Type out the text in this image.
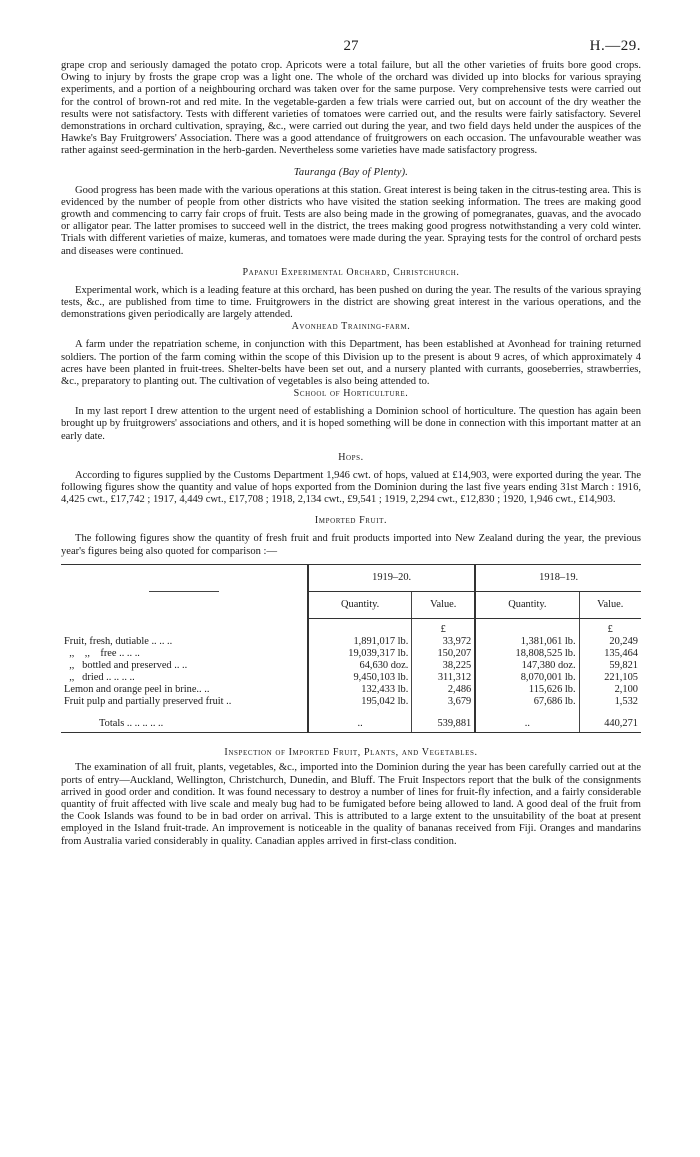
27	H.—29.

grape crop and seriously damaged the potato crop. Apricots were a total failure, but all the other varieties of fruits bore good crops. Owing to injury by frosts the grape crop was a light one. The whole of the orchard was divided up into blocks for various spraying experiments, and a portion of a neighbouring orchard was taken over for the same purpose. Very comprehensive tests were carried out for the control of brown-rot and red mite. In the vegetable-garden a few trials were carried out, but on account of the dry weather the results were not satisfactory. Tests with different varieties of tomatoes were carried out, and the results were fairly satisfactory. Severel demonstrations in orchard cultivation, spraying, &c., were carried out during the year, and two field days held under the auspices of the Hawke's Bay Fruitgrowers' Association. There was a good attendance of fruitgrowers on each occasion. The unfavourable weather was rather against seed-germination in the herb-garden. Nevertheless some varieties have made satisfactory progress.

Tauranga (Bay of Plenty).

Good progress has been made with the various operations at this station. Great interest is being taken in the citrus-testing area. This is evidenced by the number of people from other districts who have visited the station seeking information. The trees are making good growth and commencing to carry fair crops of fruit. Tests are also being made in the growing of pomegranates, guavas, and the avocado or alligator pear. The latter promises to succeed well in the district, the trees making good progress notwithstanding a very cold winter. Trials with different varieties of maize, kumeras, and tomatoes were made during the year. Spraying tests for the control of orchard pests and diseases were continued.

Papanui Experimental Orchard, Christchurch.

Experimental work, which is a leading feature at this orchard, has been pushed on during the year. The results of the various spraying tests, &c., are published from time to time. Fruitgrowers in the district are showing great interest in the various operations, and the demonstrations given periodically are largely attended.

Avonhead Training-farm.

A farm under the repatriation scheme, in conjunction with this Department, has been established at Avonhead for training returned soldiers. The portion of the farm coming within the scope of this Division up to the present is about 9 acres, of which approximately 4 acres have been planted in fruit-trees. Shelter-belts have been set out, and a nursery planted with currants, gooseberries, strawberries, &c., preparatory to planting out. The cultivation of vegetables is also being attended to.

School of Horticulture.

In my last report I drew attention to the urgent need of establishing a Dominion school of horticulture. The question has again been brought up by fruitgrowers' associations and others, and it is hoped something will be done in connection with this important matter at an early date.

Hops.

According to figures supplied by the Customs Department 1,946 cwt. of hops, valued at £14,903, were exported during the year. The following figures show the quantity and value of hops exported from the Dominion during the last five years ending 31st March : 1916, 4,425 cwt., £17,742 ; 1917, 4,449 cwt., £17,708 ; 1918, 2,134 cwt., £9,541 ; 1919, 2,294 cwt., £12,830 ; 1920, 1,946 cwt., £14,903.

Imported Fruit.

The following figures show the quantity of fresh fruit and fruit products imported into New Zealand during the year, the previous year's figures being also quoted for comparison :—

	1919–20.		1918–19.	
	Quantity.	Value.	Quantity.	Value.
		£		£
Fruit, fresh, dutiable .. .. ..	1,891,017 lb.	33,972	1,381,061 lb.	20,249
,,    ,,    free .. .. ..	19,039,317 lb.	150,207	18,808,525 lb.	135,464
,,   bottled and preserved .. ..	64,630 doz.	38,225	147,380 doz.	59,821
,,   dried .. .. .. ..	9,450,103 lb.	311,312	8,070,001 lb.	221,105
Lemon and orange peel in brine.. ..	132,433 lb.	2,486	115,626 lb.	2,100
Fruit pulp and partially preserved fruit ..	195,042 lb.	3,679	67,686 lb.	1,532

Totals .. .. .. .. ..	..	539,881	..	440,271
Inspection of Imported Fruit, Plants, and Vegetables.

The examination of all fruit, plants, vegetables, &c., imported into the Dominion during the year has been carefully carried out at the ports of entry—Auckland, Wellington, Christchurch, Dunedin, and Bluff. The Fruit Inspectors report that the bulk of the consignments arrived in good order and condition. It was found necessary to destroy a number of lines for fruit-fly infection, and a fairly considerable quantity of fruit affected with live scale and mealy bug had to be fumigated before being allowed to land. A good deal of the fruit from the Cook Islands was found to be in bad order on arrival. This is attributed to a large extent to the unsuitability of the boat at present employed in the Island fruit-trade. An improvement is noticeable in the quality of bananas received from Fiji. Oranges and mandarins from Australia varied considerably in quality. Canadian apples arrived in first-class condition.
